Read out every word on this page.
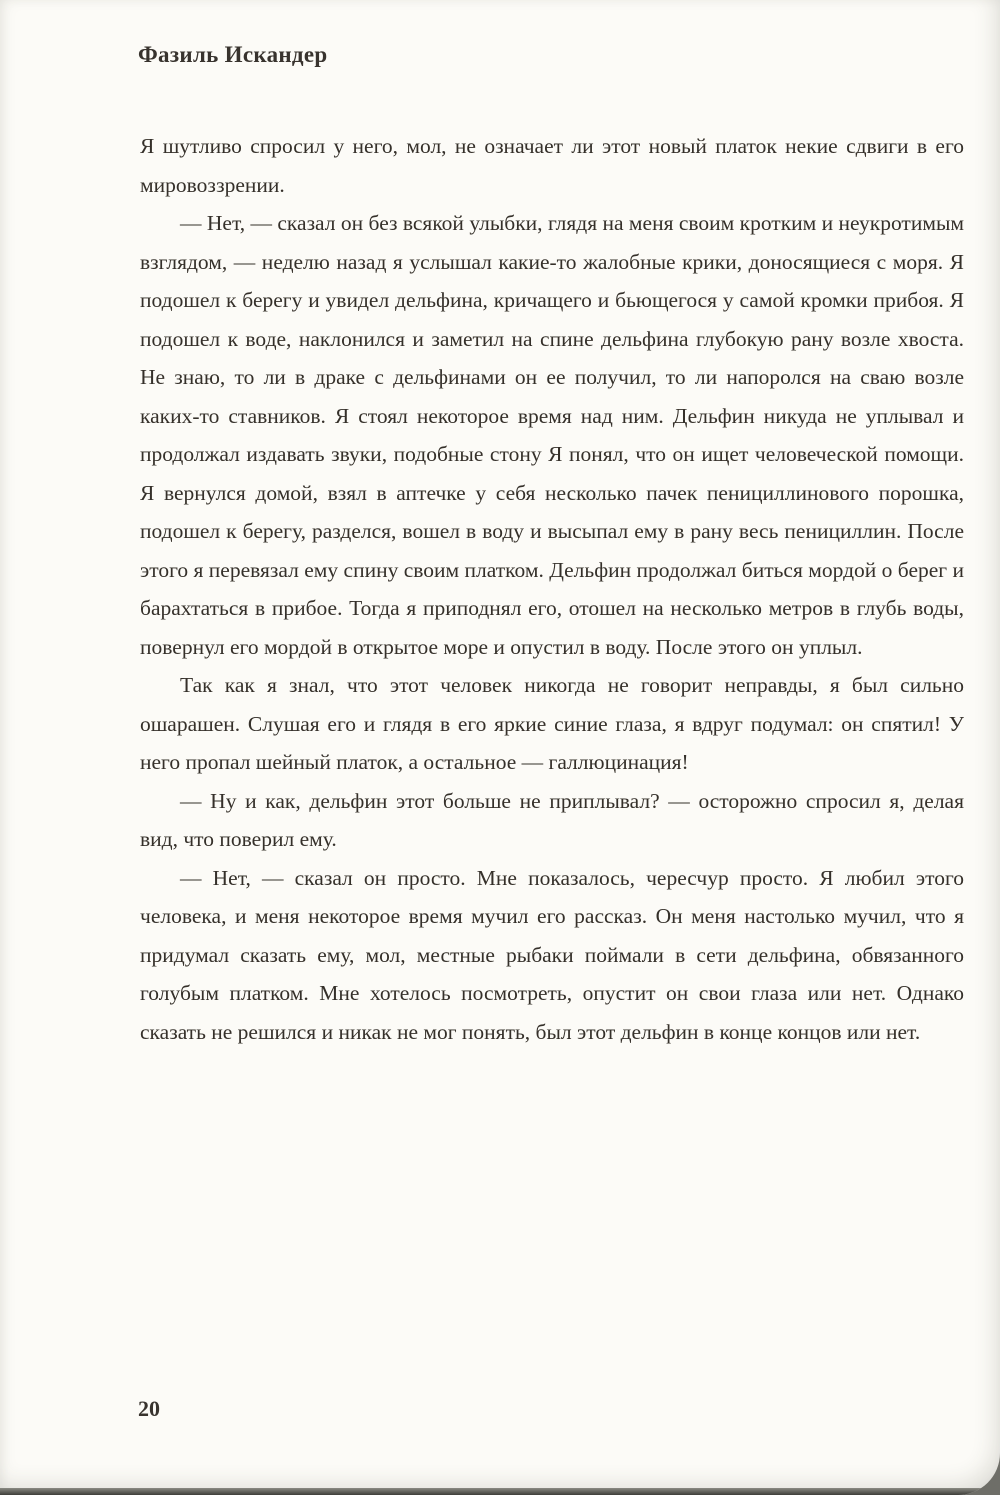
Фазиль Искандер

Я шутливо спросил у него, мол, не означает ли этот новый платок некие сдвиги в его мировоззрении.

— Нет, — сказал он без всякой улыбки, глядя на меня своим кротким и неукротимым взглядом, — неделю назад я услышал какие-то жалобные крики, доносящиеся с моря. Я подошел к берегу и увидел дельфина, кричащего и бьющегося у самой кромки прибоя. Я подошел к воде, наклонился и заметил на спине дельфина глубокую рану возле хвоста. Не знаю, то ли в драке с дельфинами он ее получил, то ли напоролся на сваю возле каких-то ставников. Я стоял некоторое время над ним. Дельфин никуда не уплывал и продолжал издавать звуки, подобные стону Я понял, что он ищет человеческой помощи. Я вернулся домой, взял в аптечке у себя несколько пачек пенициллинового порошка, подошел к берегу, разделся, вошел в воду и высыпал ему в рану весь пенициллин. После этого я перевязал ему спину своим платком. Дельфин продолжал биться мордой о берег и барахтаться в прибое. Тогда я приподнял его, отошел на несколько метров в глубь воды, повернул его мордой в открытое море и опустил в воду. После этого он уплыл.

Так как я знал, что этот человек никогда не говорит неправды, я был сильно ошарашен. Слушая его и глядя в его яркие синие глаза, я вдруг подумал: он спятил! У него пропал шейный платок, а остальное — галлюцинация!

— Ну и как, дельфин этот больше не приплывал? — осторожно спросил я, делая вид, что поверил ему.

— Нет, — сказал он просто. Мне показалось, чересчур просто. Я любил этого человека, и меня некоторое время мучил его рассказ. Он меня настолько мучил, что я придумал сказать ему, мол, местные рыбаки поймали в сети дельфина, обвязанного голубым платком. Мне хотелось посмотреть, опустит он свои глаза или нет. Однако сказать не решился и никак не мог понять, был этот дельфин в конце концов или нет.

20
